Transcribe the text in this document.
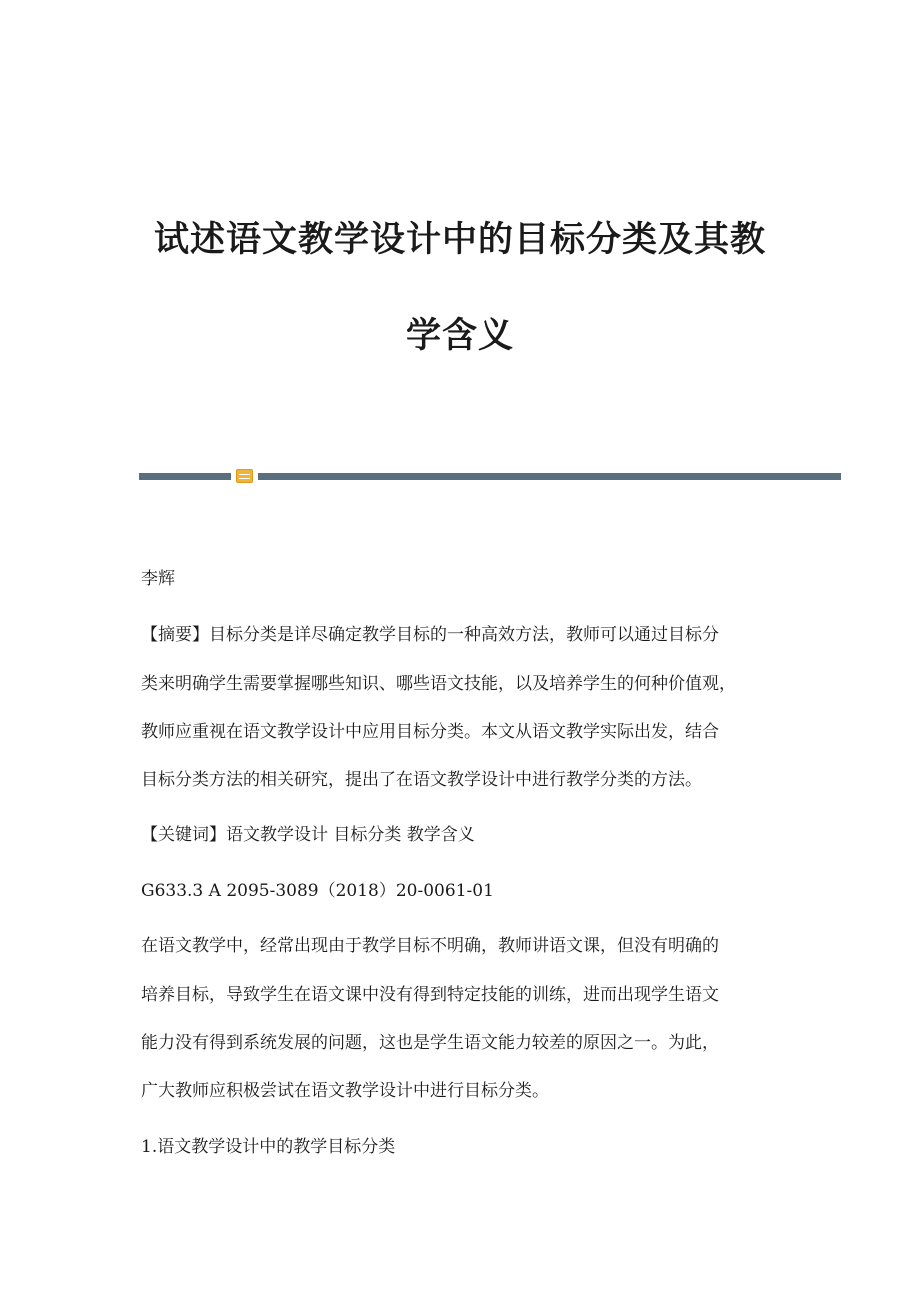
试述语文教学设计中的目标分类及其教
学含义

李辉

【摘要】目标分类是详尽确定教学目标的一种高效方法，教师可以通过目标分

类来明确学生需要掌握哪些知识、哪些语文技能，以及培养学生的何种价值观，

教师应重视在语文教学设计中应用目标分类。本文从语文教学实际出发，结合

目标分类方法的相关研究，提出了在语文教学设计中进行教学分类的方法。

【关键词】语文教学设计 目标分类 教学含义

G633.3 A 2095-3089（2018）20-0061-01

在语文教学中，经常出现由于教学目标不明确，教师讲语文课，但没有明确的

培养目标，导致学生在语文课中没有得到特定技能的训练，进而出现学生语文

能力没有得到系统发展的问题，这也是学生语文能力较差的原因之一。为此，

广大教师应积极尝试在语文教学设计中进行目标分类。

1.语文教学设计中的教学目标分类
